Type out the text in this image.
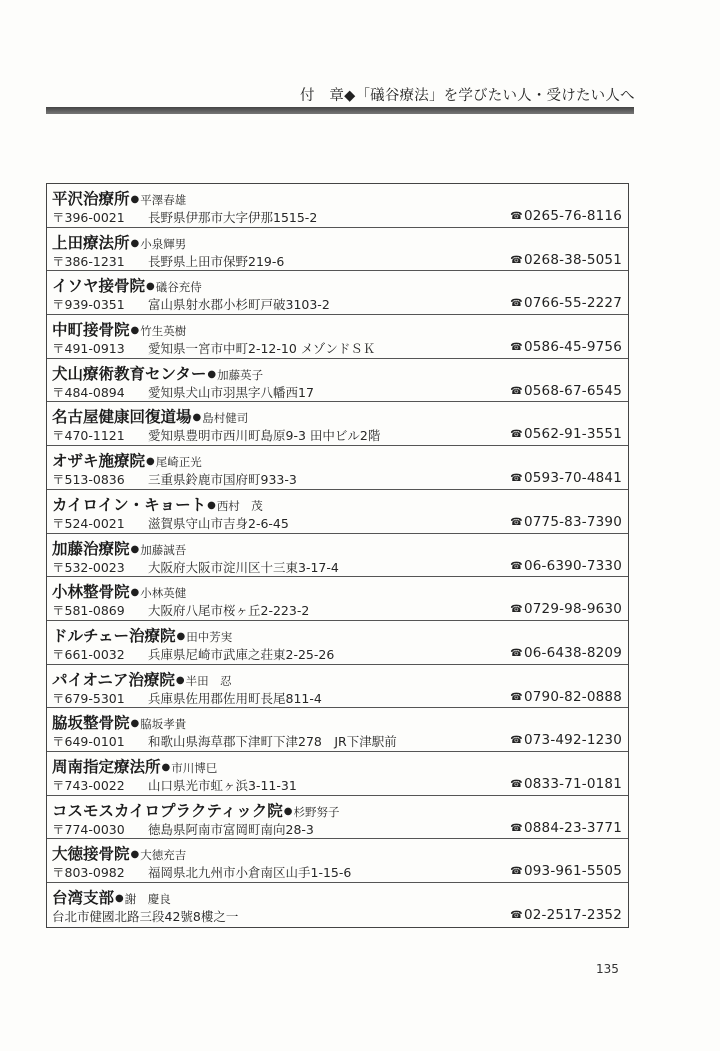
付　章◆「礒谷療法」を学びたい人・受けたい人へ
平沢治療所●平澤春雄
〒396-0021 長野県伊那市大字伊那1515-2	☎0265-76-8116
上田療法所●小泉輝男
〒386-1231 長野県上田市保野219-6	☎0268-38-5051
イソヤ接骨院●礒谷充侍
〒939-0351 富山県射水郡小杉町戸破3103-2	☎0766-55-2227
中町接骨院●竹生英樹
〒491-0913 愛知県一宮市中町2-12-10 メゾンドＳＫ	☎0586-45-9756
犬山療術教育センター●加藤英子
〒484-0894 愛知県犬山市羽黒字八幡西17	☎0568-67-6545
名古屋健康回復道場●島村健司
〒470-1121 愛知県豊明市西川町島原9-3 田中ビル2階	☎0562-91-3551
オザキ施療院●尾崎正光
〒513-0836 三重県鈴鹿市国府町933-3	☎0593-70-4841
カイロイン・キョート●西村　茂
〒524-0021 滋賀県守山市吉身2-6-45	☎0775-83-7390
加藤治療院●加藤誠吾
〒532-0023 大阪府大阪市淀川区十三東3-17-4	☎06-6390-7330
小林整骨院●小林英健
〒581-0869 大阪府八尾市桜ヶ丘2-223-2	☎0729-98-9630
ドルチェー治療院●田中芳実
〒661-0032 兵庫県尼崎市武庫之荘東2-25-26	☎06-6438-8209
パイオニア治療院●半田　忍
〒679-5301 兵庫県佐用郡佐用町長尾811-4	☎0790-82-0888
脇坂整骨院●脇坂孝貴
〒649-0101 和歌山県海草郡下津町下津278　JR下津駅前	☎073-492-1230
周南指定療法所●市川博巳
〒743-0022 山口県光市虹ヶ浜3-11-31	☎0833-71-0181
コスモスカイロプラクティック院●杉野努子
〒774-0030 徳島県阿南市富岡町南向28-3	☎0884-23-3771
大徳接骨院●大徳充吉
〒803-0982 福岡県北九州市小倉南区山手1-15-6	☎093-961-5505
台湾支部●謝　慶良
台北市健國北路三段42號8樓之一	☎02-2517-2352
135
